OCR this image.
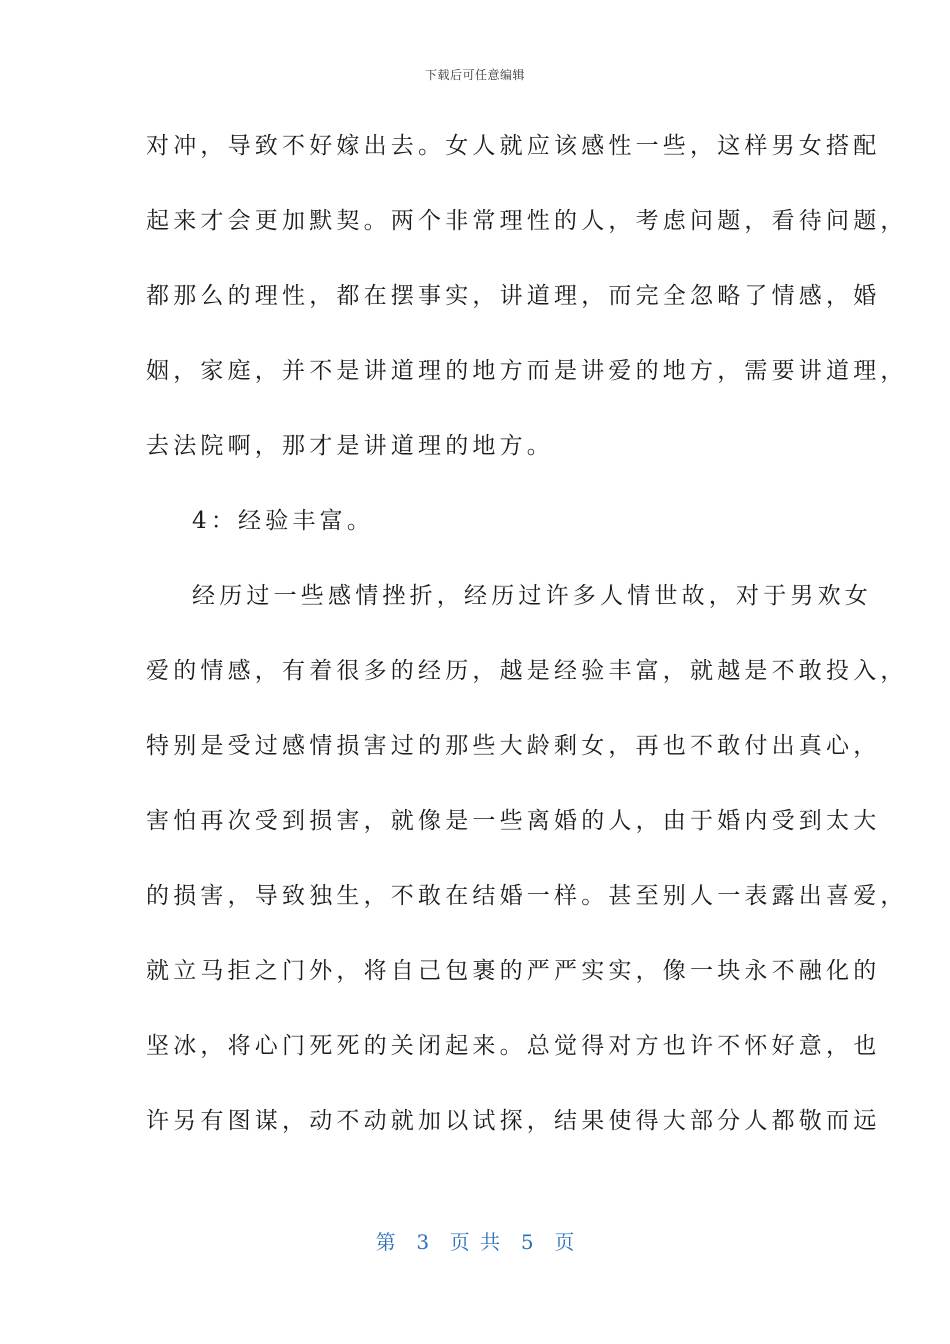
下载后可任意编辑
对冲，导致不好嫁出去。女人就应该感性一些，这样男女搭配
起来才会更加默契。两个非常理性的人，考虑问题，看待问题，
都那么的理性，都在摆事实，讲道理，而完全忽略了情感，婚
姻，家庭，并不是讲道理的地方而是讲爱的地方，需要讲道理，
去法院啊，那才是讲道理的地方。
4：经验丰富。
经历过一些感情挫折，经历过许多人情世故，对于男欢女
爱的情感，有着很多的经历，越是经验丰富，就越是不敢投入，
特别是受过感情损害过的那些大龄剩女，再也不敢付出真心，
害怕再次受到损害，就像是一些离婚的人，由于婚内受到太大
的损害，导致独生，不敢在结婚一样。甚至别人一表露出喜爱，
就立马拒之门外，将自己包裹的严严实实，像一块永不融化的
坚冰，将心门死死的关闭起来。总觉得对方也许不怀好意，也
许另有图谋，动不动就加以试探，结果使得大部分人都敬而远
第  3  页 共  5  页
